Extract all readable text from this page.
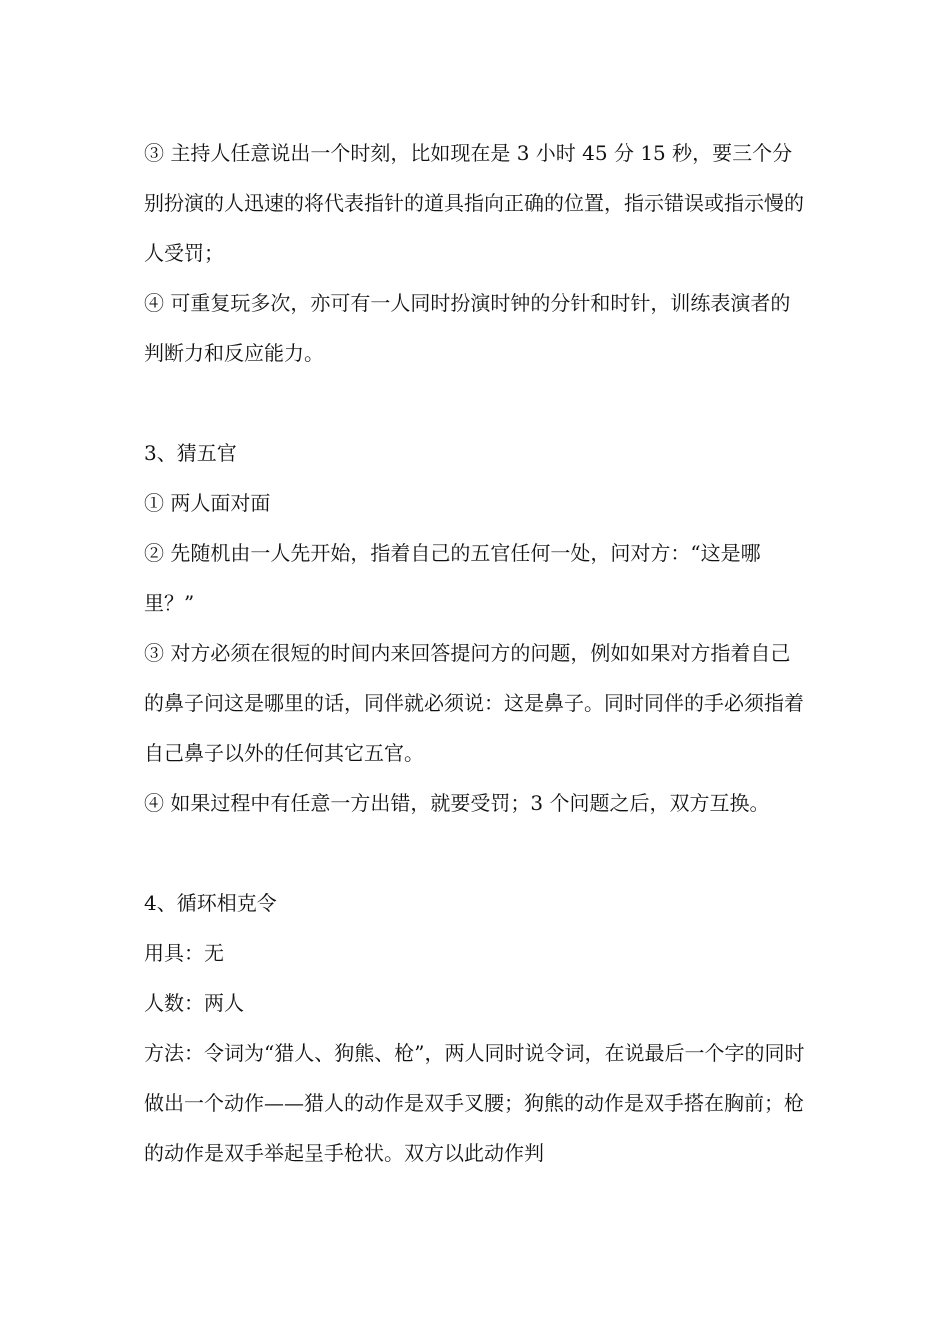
③ 主持人任意说出一个时刻，比如现在是 3 小时 45 分 15 秒，要三个分别扮演的人迅速的将代表指针的道具指向正确的位置，指示错误或指示慢的人受罚；

④ 可重复玩多次，亦可有一人同时扮演时钟的分针和时针，训练表演者的判断力和反应能力。

3、猜五官

① 两人面对面

② 先随机由一人先开始，指着自己的五官任何一处，问对方：“这是哪里？”

③ 对方必须在很短的时间内来回答提问方的问题，例如如果对方指着自己的鼻子问这是哪里的话，同伴就必须说：这是鼻子。同时同伴的手必须指着自己鼻子以外的任何其它五官。

④ 如果过程中有任意一方出错，就要受罚；3 个问题之后，双方互换。

4、循环相克令

用具：无

人数：两人

方法：令词为“猎人、狗熊、枪”，两人同时说令词，在说最后一个字的同时做出一个动作——猎人的动作是双手叉腰；狗熊的动作是双手搭在胸前；枪的动作是双手举起呈手枪状。双方以此动作判
